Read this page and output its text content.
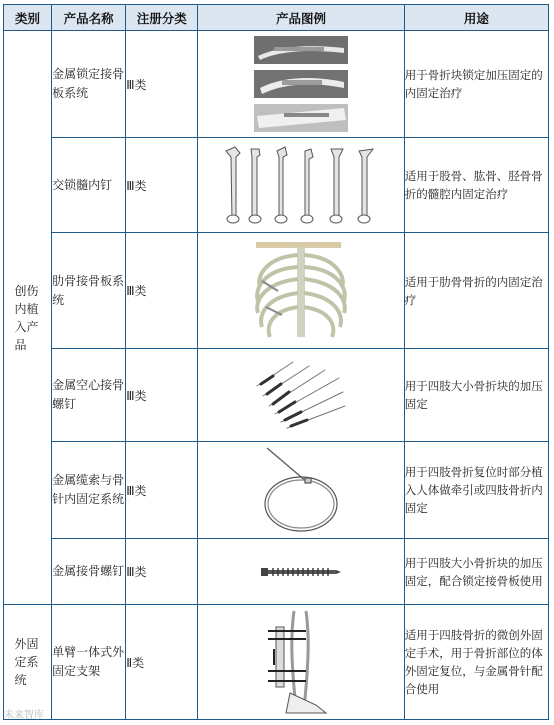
类别	产品名称	注册分类	产品图例	用途
创伤内植入产品	金属锁定接骨板系统	Ⅲ类		用于骨折块锁定加压固定的内固定治疗
	交锁髓内钉	Ⅲ类		适用于股骨、肱骨、胫骨骨折的髓腔内固定治疗
	肋骨接骨板系统	Ⅲ类		适用于肋骨骨折的内固定治疗
	金属空心接骨螺钉	Ⅲ类		用于四肢大小骨折块的加压固定
	金属缆索与骨针内固定系统	Ⅲ类		用于四肢骨折复位时部分植入人体做牵引或四肢骨折内固定
	金属接骨螺钉	Ⅲ类		用于四肢大小骨折块的加压固定，配合锁定接骨板使用
外固定系统	单臂一体式外固定支架	Ⅱ类		适用于四肢骨折的微创外固定手术，用于骨折部位的体外固定复位，与金属骨针配合使用
未来智库
